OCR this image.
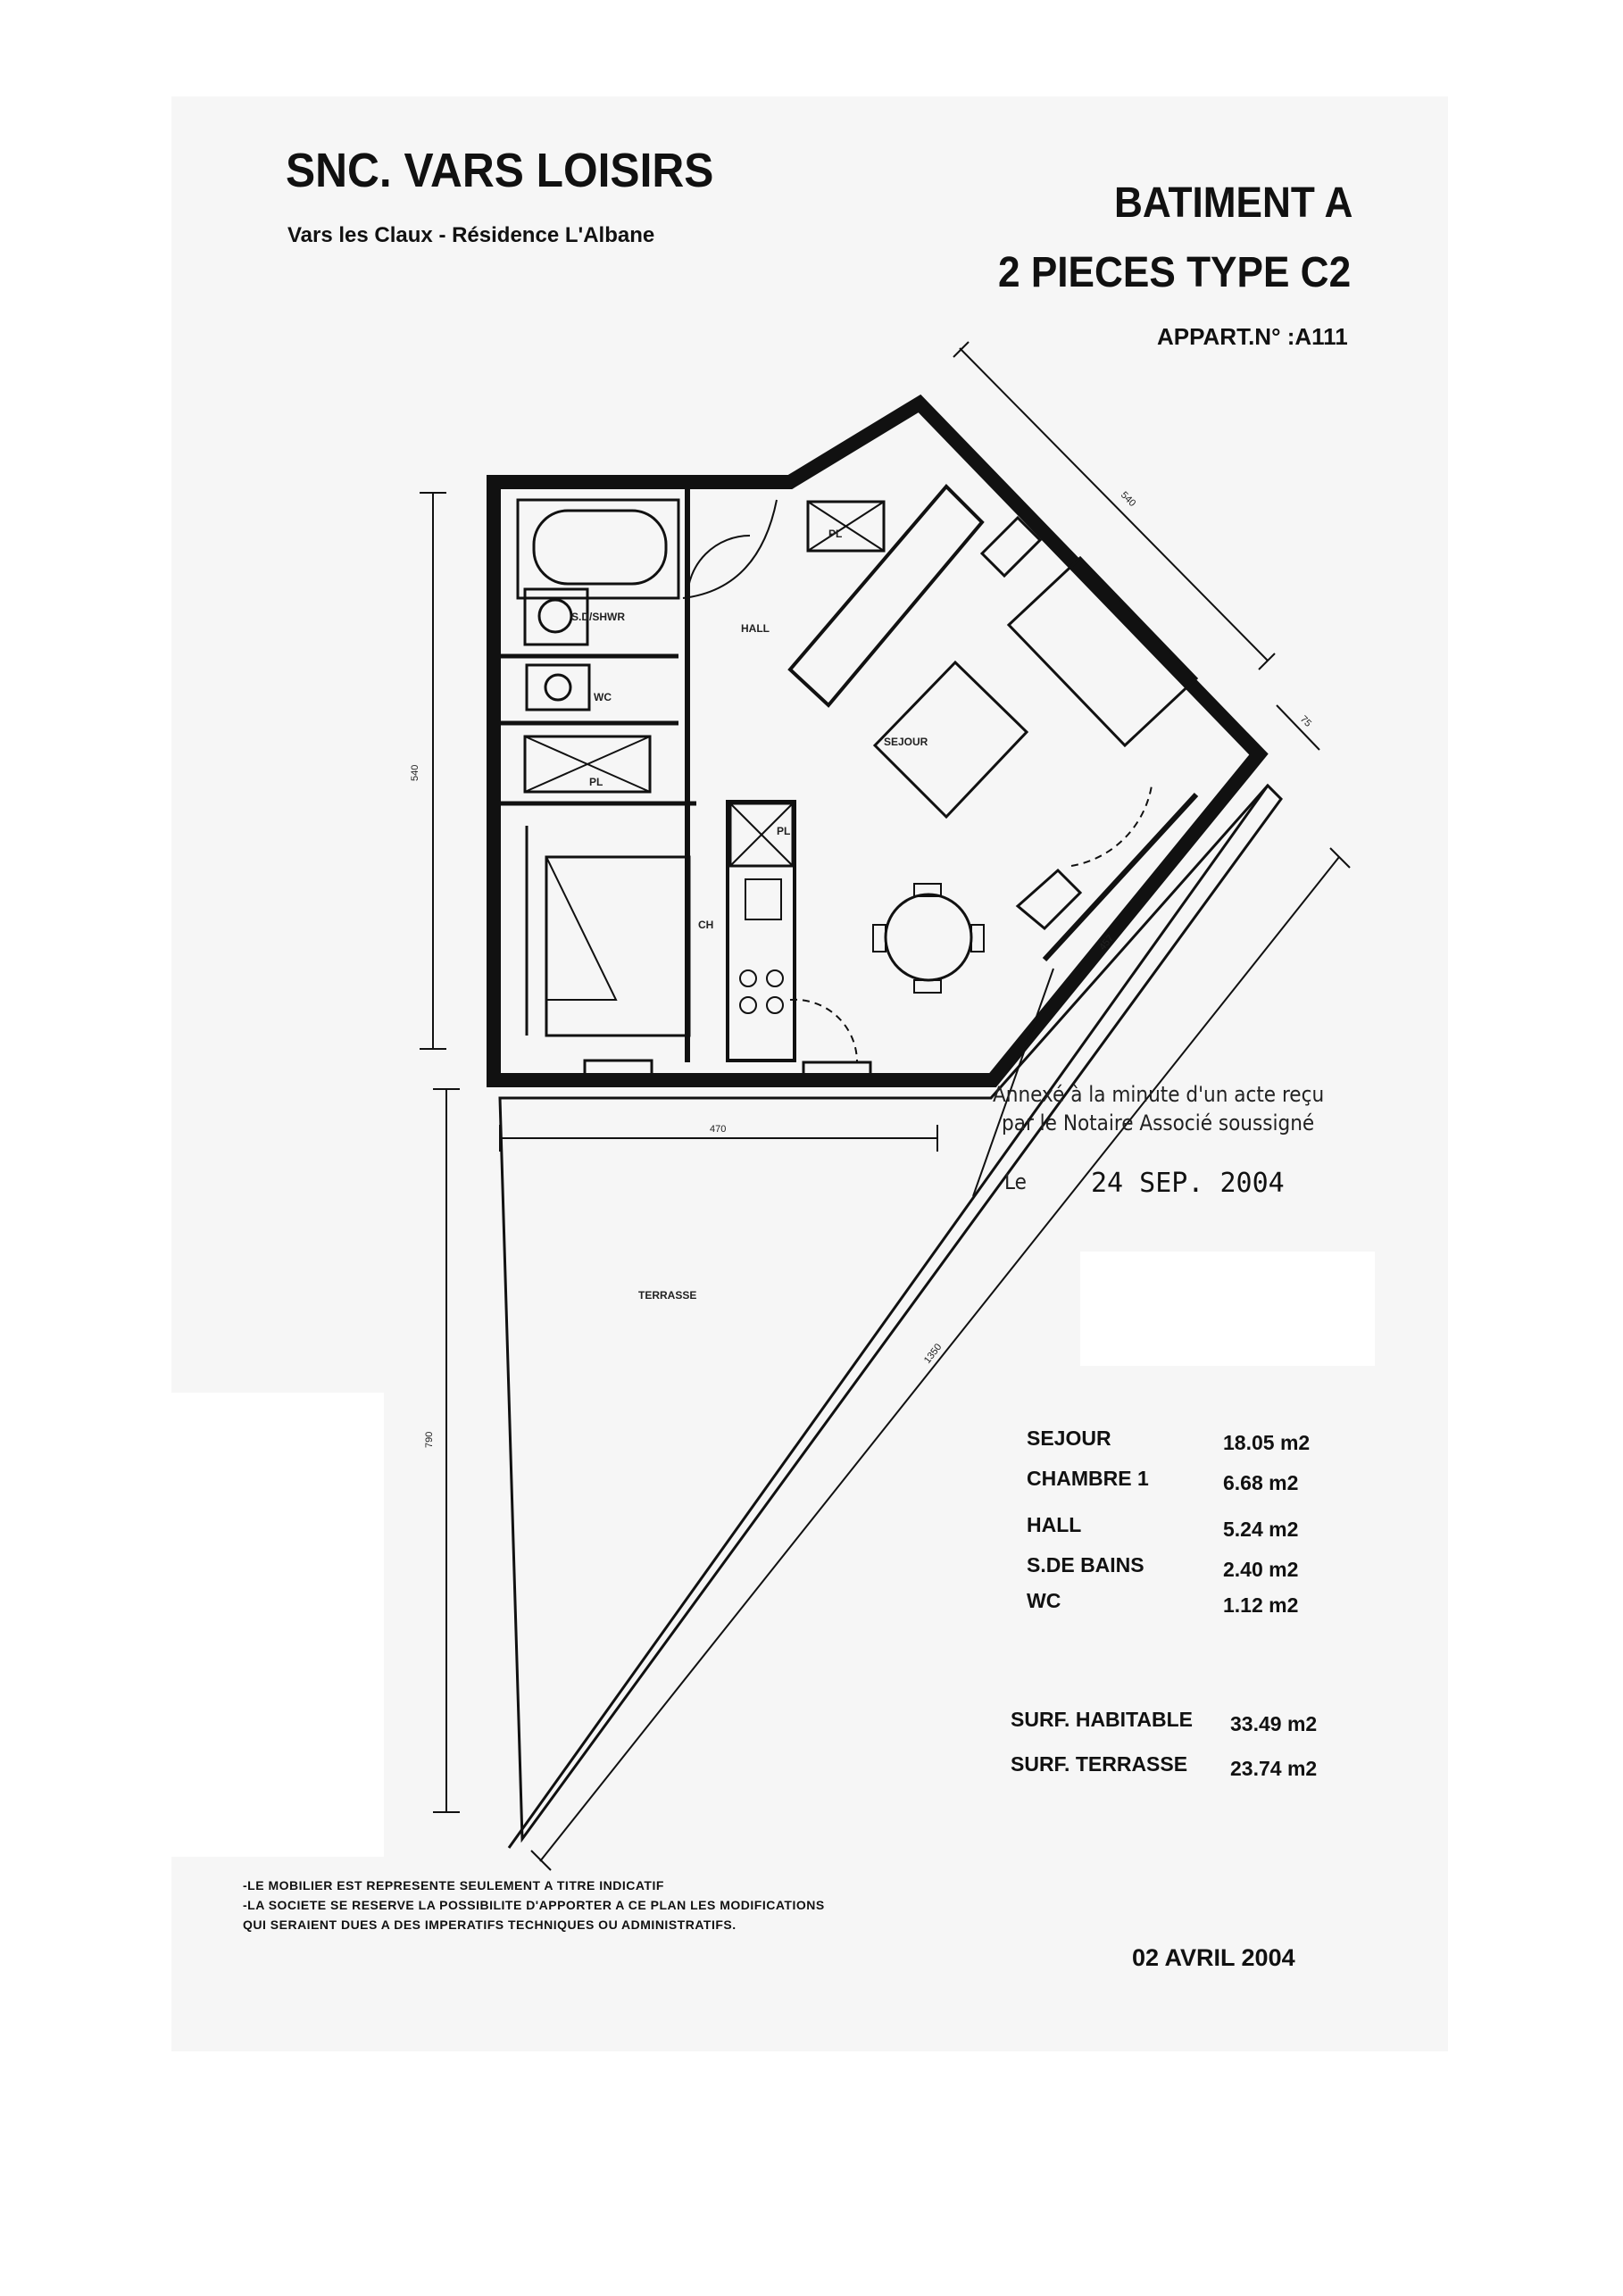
SNC. VARS LOISIRS
Vars les Claux - Résidence L'Albane
BATIMENT A
2 PIECES TYPE C2
APPART.N° :A111
S.D/SHWR
WC
HALL
SEJOUR
CH
TERRASSE
PL
PL
PL
540
540
75
470
457
1350
790
Annexé à la minute d'un acte reçu
par le Notaire Associé soussigné
Le 24 SEP. 2004
SEJOUR	18.05 m2
CHAMBRE 1	6.68 m2
HALL	5.24 m2
S.DE BAINS	2.40 m2
WC	1.12 m2
SURF. HABITABLE 33.49 m2
SURF. TERRASSE 23.74 m2
-LE MOBILIER EST REPRESENTE SEULEMENT A TITRE INDICATIF
-LA SOCIETE SE RESERVE LA POSSIBILITE D'APPORTER A CE PLAN LES MODIFICATIONS
QUI SERAIENT DUES A DES IMPERATIFS TECHNIQUES OU ADMINISTRATIFS.
02 AVRIL 2004
